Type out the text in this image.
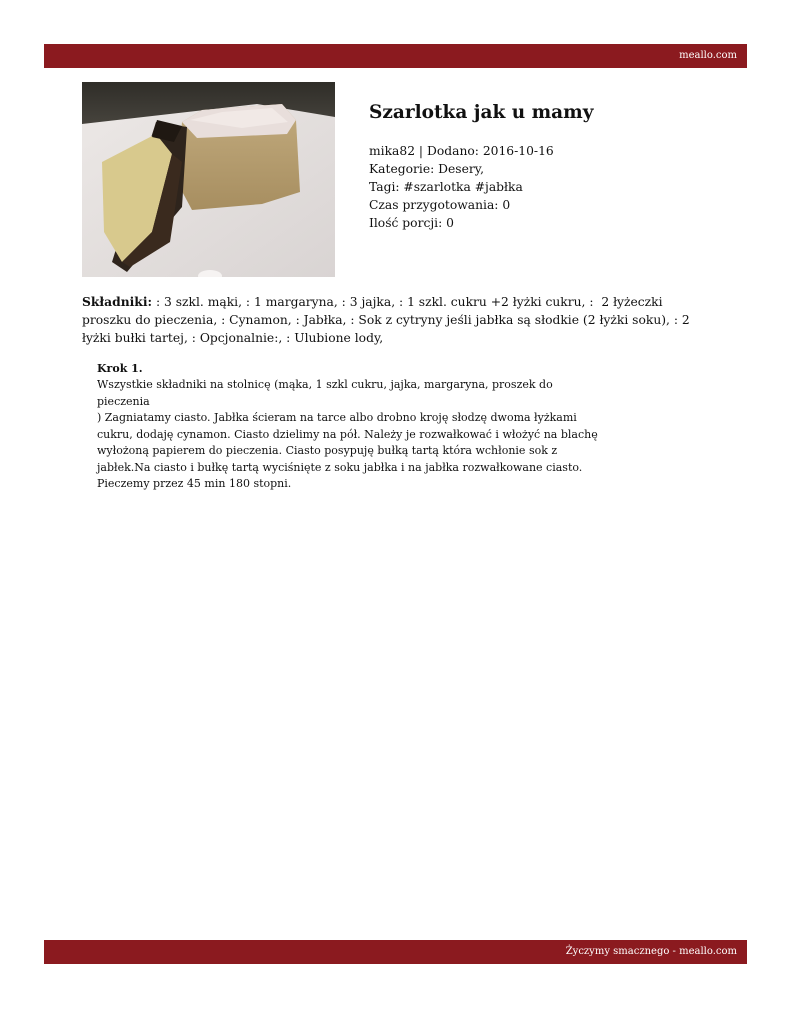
meallo.com
Szarlotka jak u mamy
mika82 | Dodano: 2016-10-16
Kategorie: Desery,
Tagi: #szarlotka #jabłka
Czas przygotowania: 0
Ilość porcji: 0
Składniki: : 3 szkl. mąki, : 1 margaryna, : 3 jajka, : 1 szkl. cukru +2 łyżki cukru, :  2 łyżeczki proszku do pieczenia, : Cynamon, : Jabłka, : Sok z cytryny jeśli jabłka są słodkie (2 łyżki soku), : 2 łyżki bułki tartej, : Opcjonalnie:, : Ulubione lody,
Krok 1.
Wszystkie składniki na stolnicę (mąka, 1 szkl cukru, jajka, margaryna, proszek do pieczenia
) Zagniatamy ciasto. Jabłka ścieram na tarce albo drobno kroję słodzę dwoma łyżkami
cukru, dodaję cynamon. Ciasto dzielimy na pół. Należy je rozwałkować i włożyć na blachę
wyłożoną papierem do pieczenia. Ciasto posypuję bułką tartą która wchłonie sok z
jabłek.Na ciasto i bułkę tartą wyciśnięte z soku jabłka i na jabłka rozwałkowane ciasto.
Pieczemy przez 45 min 180 stopni.
Życzymy smacznego - meallo.com
